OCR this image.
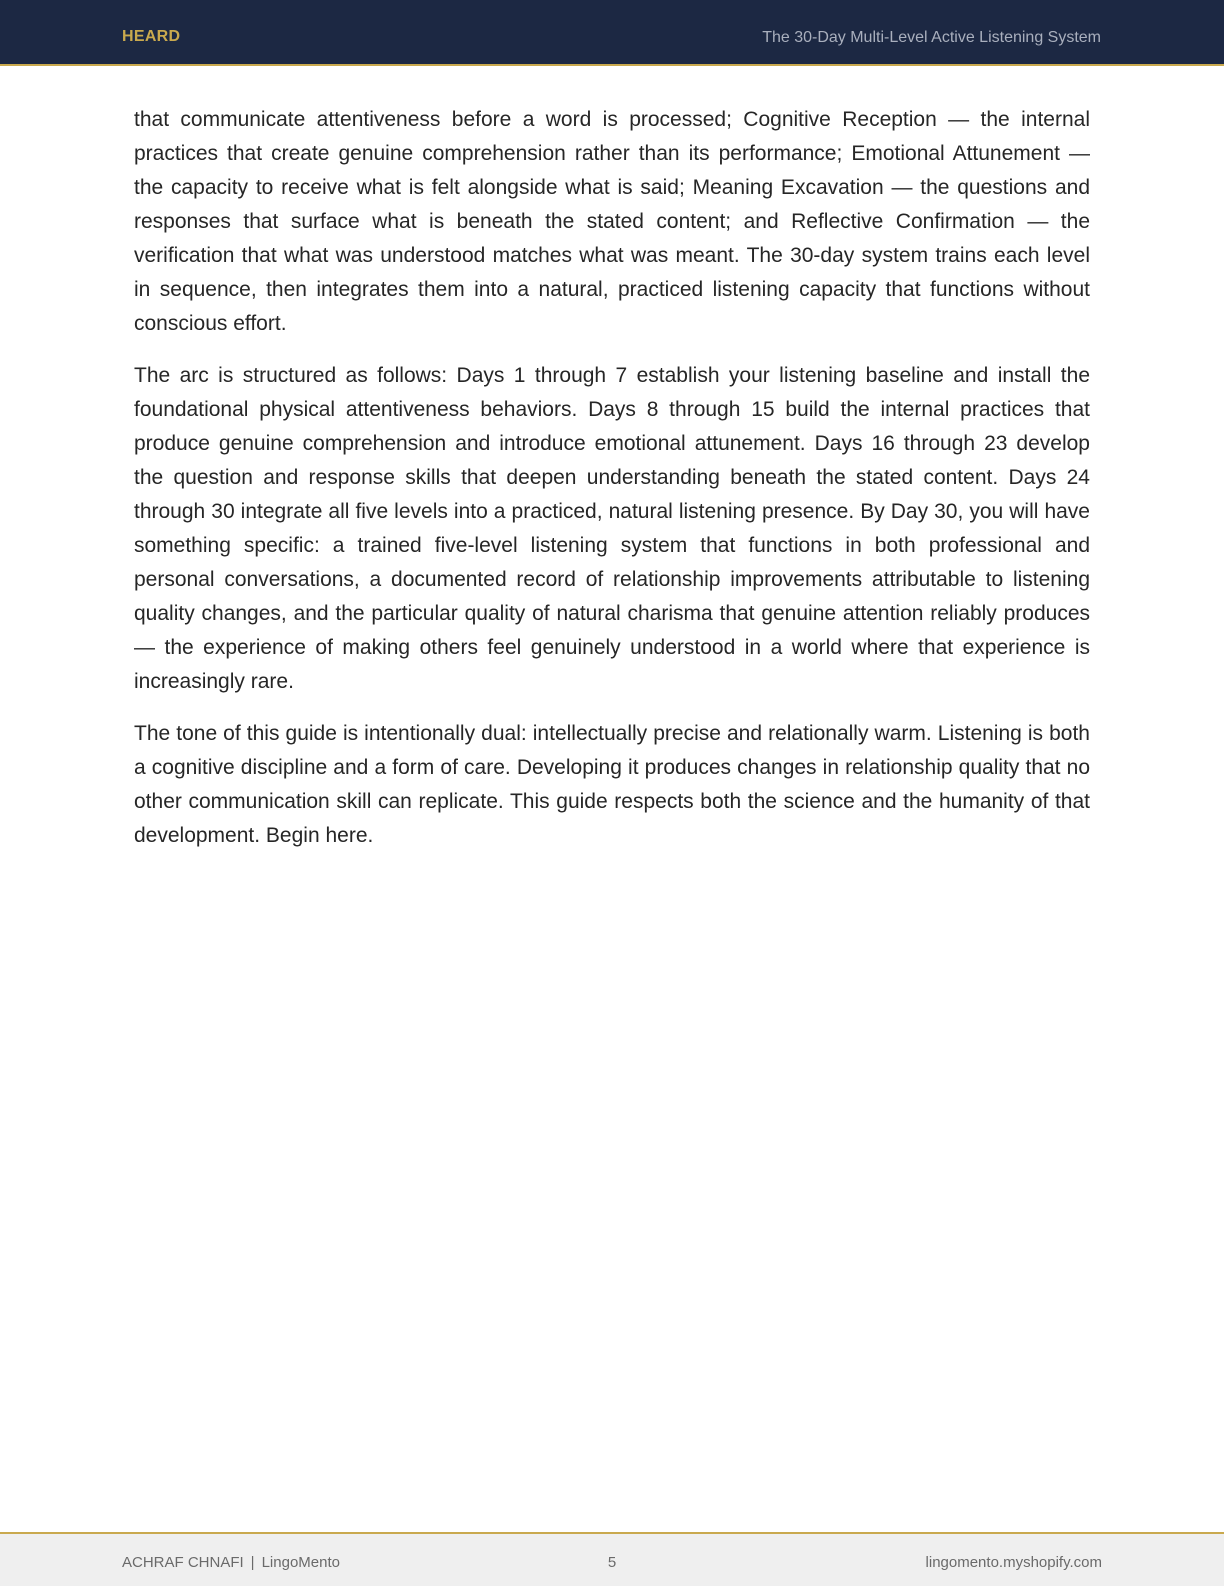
HEARD	The 30-Day Multi-Level Active Listening System

that communicate attentiveness before a word is processed; Cognitive Reception — the internal practices that create genuine comprehension rather than its performance; Emotional Attunement — the capacity to receive what is felt alongside what is said; Meaning Excavation — the questions and responses that surface what is beneath the stated content; and Reflective Confirmation — the verification that what was understood matches what was meant. The 30-day system trains each level in sequence, then integrates them into a natural, practiced listening capacity that functions without conscious effort.

The arc is structured as follows: Days 1 through 7 establish your listening baseline and install the foundational physical attentiveness behaviors. Days 8 through 15 build the internal practices that produce genuine comprehension and introduce emotional attunement. Days 16 through 23 develop the question and response skills that deepen understanding beneath the stated content. Days 24 through 30 integrate all five levels into a practiced, natural listening presence. By Day 30, you will have something specific: a trained five-level listening system that functions in both professional and personal conversations, a documented record of relationship improvements attributable to listening quality changes, and the particular quality of natural charisma that genuine attention reliably produces — the experience of making others feel genuinely understood in a world where that experience is increasingly rare.

The tone of this guide is intentionally dual: intellectually precise and relationally warm. Listening is both a cognitive discipline and a form of care. Developing it produces changes in relationship quality that no other communication skill can replicate. This guide respects both the science and the humanity of that development. Begin here.

ACHRAF CHNAFI | LingoMento	5	lingomento.myshopify.com
